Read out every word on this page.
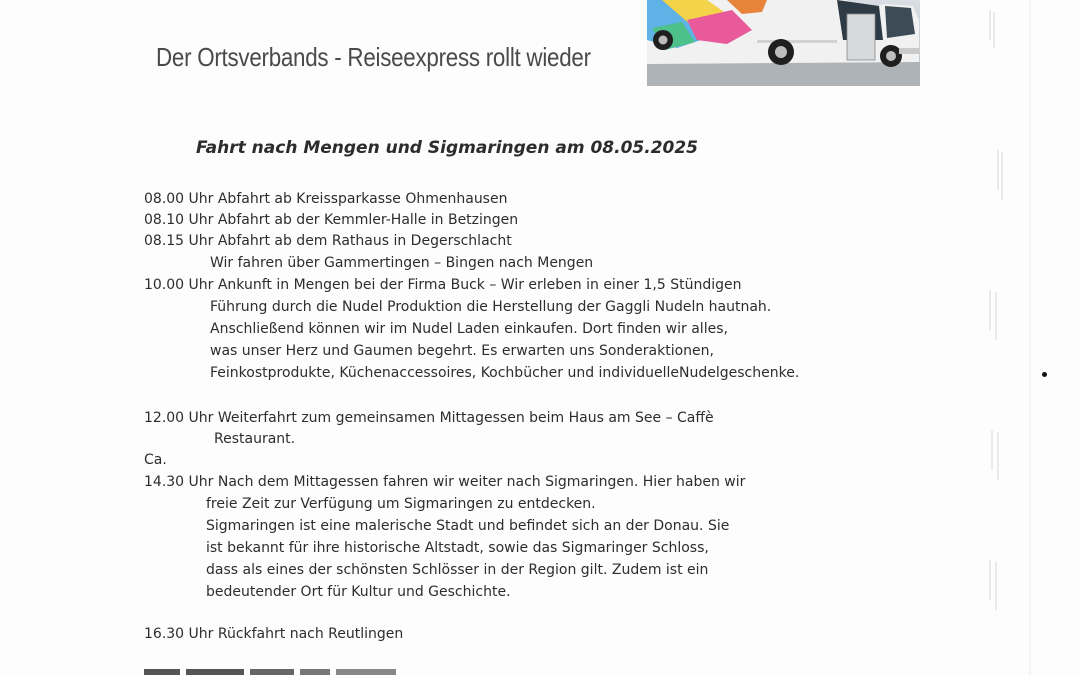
Der Ortsverbands - Reiseexpress rollt wieder
Fahrt nach Mengen und Sigmaringen am 08.05.2025
08.00 Uhr Abfahrt ab Kreissparkasse Ohmenhausen
08.10 Uhr Abfahrt ab der Kemmler-Halle in Betzingen
08.15 Uhr Abfahrt ab dem Rathaus in Degerschlacht
Wir fahren über Gammertingen – Bingen nach Mengen
10.00 Uhr Ankunft in Mengen bei der Firma Buck – Wir erleben in einer 1,5 Stündigen
Führung durch die Nudel Produktion die Herstellung der Gaggli Nudeln hautnah.
Anschließend können wir im Nudel Laden einkaufen. Dort finden wir alles,
was unser Herz und Gaumen begehrt. Es erwarten uns Sonderaktionen,
Feinkostprodukte, Küchenaccessoires, Kochbücher und individuelleNudelgeschenke.
12.00 Uhr Weiterfahrt zum gemeinsamen Mittagessen beim Haus am See – Caffè
Restaurant.
Ca.
14.30 Uhr Nach dem Mittagessen fahren wir weiter nach Sigmaringen. Hier haben wir
freie Zeit zur Verfügung um Sigmaringen zu entdecken.
Sigmaringen ist eine malerische Stadt und befindet sich an der Donau. Sie
ist bekannt für ihre historische Altstadt, sowie das Sigmaringer Schloss,
dass als eines der schönsten Schlösser in der Region gilt. Zudem ist ein
bedeutender Ort für Kultur und Geschichte.
16.30 Uhr Rückfahrt nach Reutlingen
